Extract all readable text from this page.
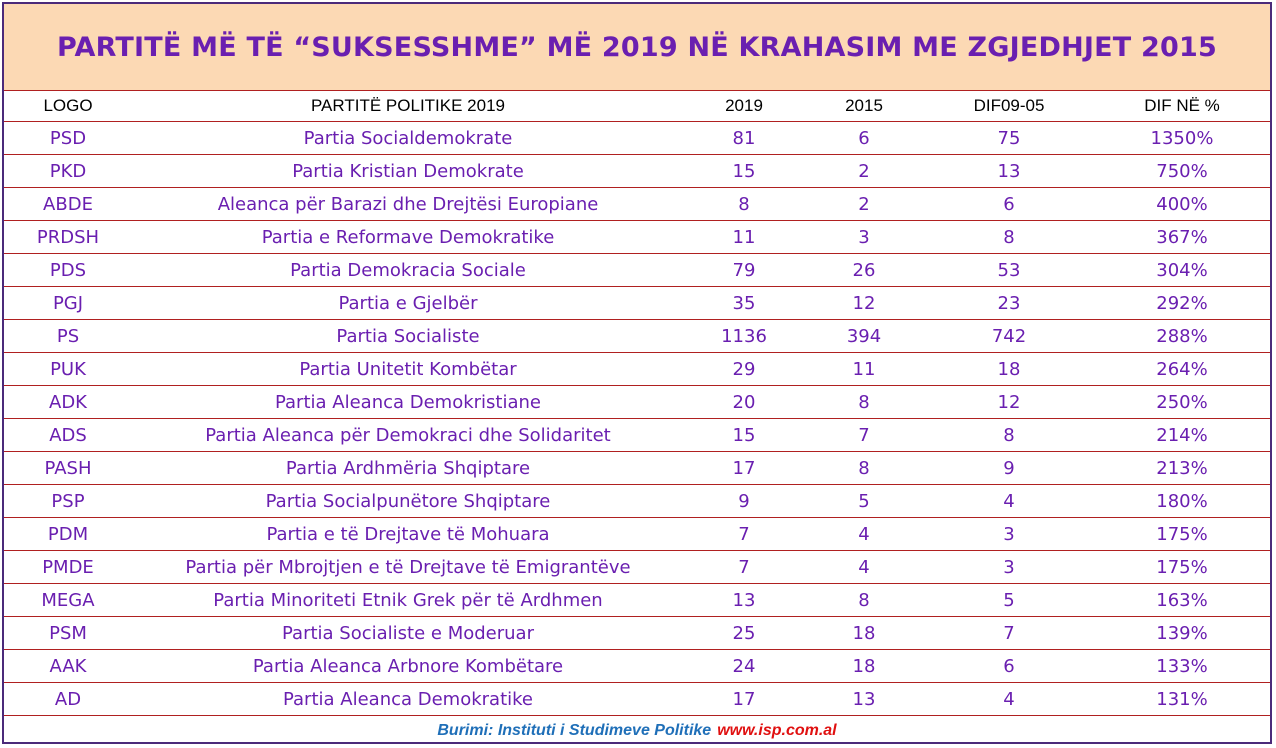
PARTITË MË TË “SUKSESSHME” MË 2019 NË KRAHASIM ME ZGJEDHJET 2015
LOGO	PARTITË POLITIKE 2019	2019	2015	DIF09-05	DIF NË %
PSD	Partia Socialdemokrate	81	6	75	1350%
PKD	Partia Kristian Demokrate	15	2	13	750%
ABDE	Aleanca për Barazi dhe Drejtësi Europiane	8	2	6	400%
PRDSH	Partia e Reformave Demokratike	11	3	8	367%
PDS	Partia Demokracia Sociale	79	26	53	304%
PGJ	Partia e Gjelbër	35	12	23	292%
PS	Partia Socialiste	1136	394	742	288%
PUK	Partia Unitetit Kombëtar	29	11	18	264%
ADK	Partia Aleanca Demokristiane	20	8	12	250%
ADS	Partia Aleanca për Demokraci dhe Solidaritet	15	7	8	214%
PASH	Partia Ardhmëria Shqiptare	17	8	9	213%
PSP	Partia Socialpunëtore Shqiptare	9	5	4	180%
PDM	Partia e të Drejtave të Mohuara	7	4	3	175%
PMDE	Partia për Mbrojtjen e të Drejtave të Emigrantëve	7	4	3	175%
MEGA	Partia Minoriteti Etnik Grek për të Ardhmen	13	8	5	163%
PSM	Partia Socialiste e Moderuar	25	18	7	139%
AAK	Partia Aleanca Arbnore Kombëtare	24	18	6	133%
AD	Partia Aleanca Demokratike	17	13	4	131%
Burimi: Instituti i Studimeve Politike www.isp.com.al
